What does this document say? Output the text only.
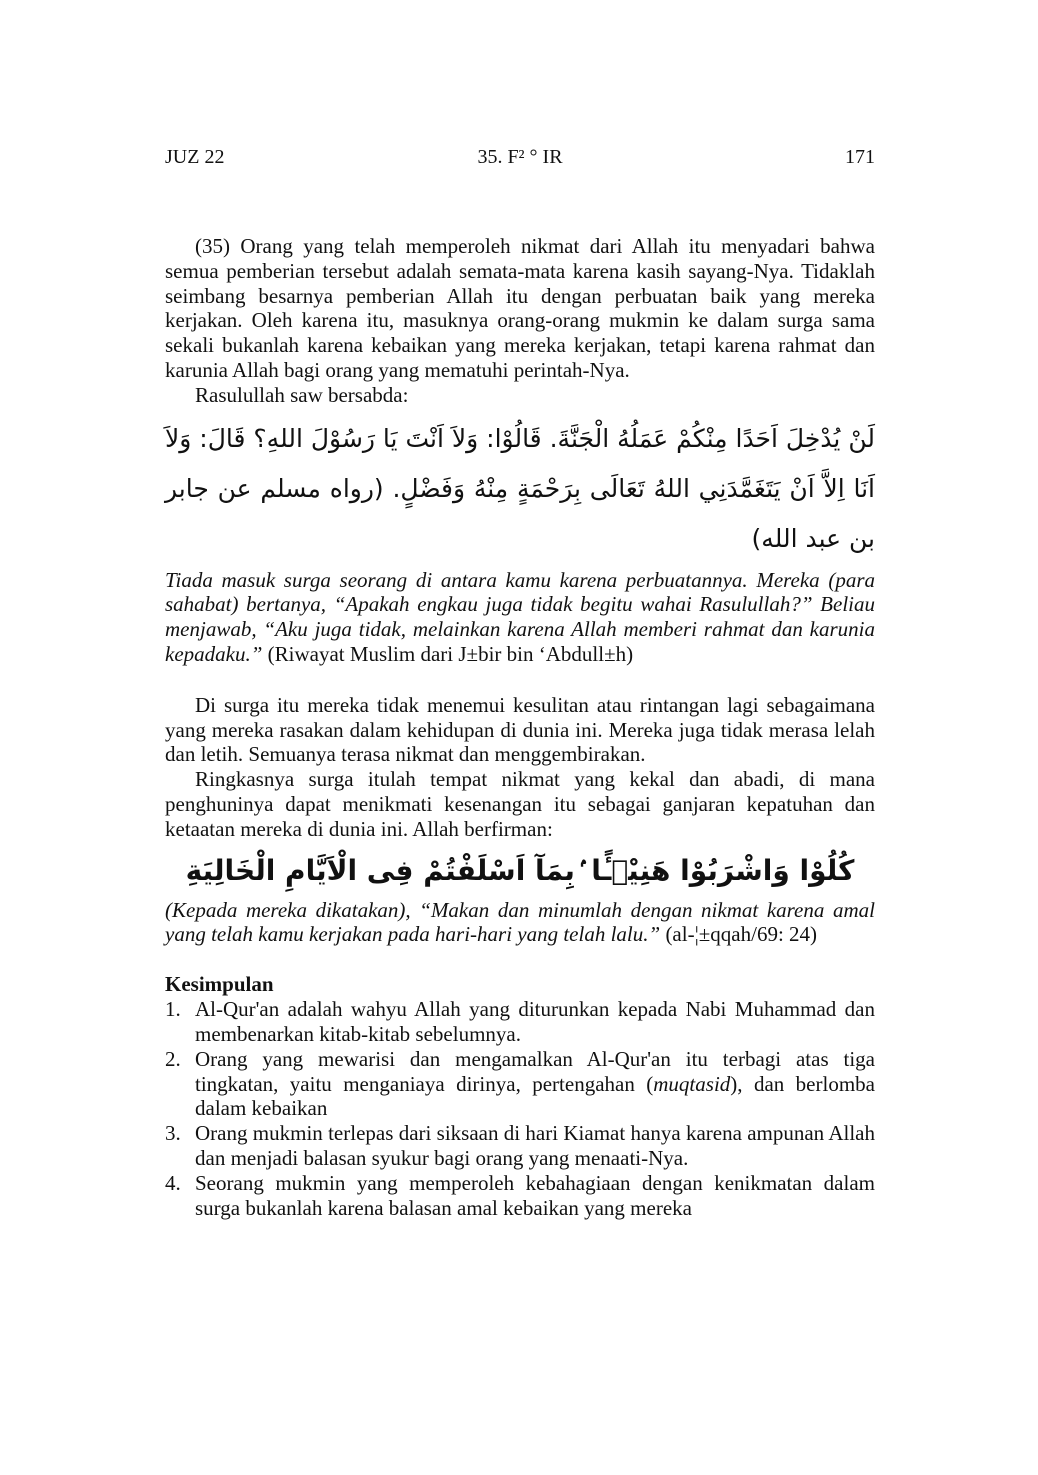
JUZ 22	35. F² ° IR	171

(35) Orang yang telah memperoleh nikmat dari Allah itu menyadari bahwa semua pemberian tersebut adalah semata-mata karena kasih sayang-Nya. Tidaklah seimbang besarnya pemberian Allah itu dengan perbuatan baik yang mereka kerjakan. Oleh karena itu, masuknya orang-orang mukmin ke dalam surga sama sekali bukanlah karena kebaikan yang mereka kerjakan, tetapi karena rahmat dan karunia Allah bagi orang yang mematuhi perintah-Nya.

Rasulullah saw bersabda:

لَنْ يُدْخِلَ اَحَدًا مِنْكُمْ عَمَلُهُ الْجَنَّةَ. قَالُوْا: وَلاَ اَنْتَ يَا رَسُوْلَ اللهِ؟ قَالَ: وَلاَ اَنَا اِلاَّ اَنْ يَتَغَمَّدَنِي اللهُ تَعَالَى بِرَحْمَةٍ مِنْهُ وَفَضْلٍ. (رواه مسلم عن جابر بن عبد الله)

Tiada masuk surga seorang di antara kamu karena perbuatannya. Mereka (para sahabat) bertanya, “Apakah engkau juga tidak begitu wahai Rasulullah?” Beliau menjawab, “Aku juga tidak, melainkan karena Allah memberi rahmat dan karunia kepadaku.” (Riwayat Muslim dari J±bir bin ‘Abdull±h)

Di surga itu mereka tidak menemui kesulitan atau rintangan lagi sebagaimana yang mereka rasakan dalam kehidupan di dunia ini. Mereka juga tidak merasa lelah dan letih. Semuanya terasa nikmat dan menggembirakan.

Ringkasnya surga itulah tempat nikmat yang kekal dan abadi, di mana penghuninya dapat menikmati kesenangan itu sebagai ganjaran kepatuhan dan ketaatan mereka di dunia ini. Allah berfirman:

كُلُوْا وَاشْرَبُوْا هَنِيْۤـًٔا ۢبِمَآ اَسْلَفْتُمْ فِى الْاَيَّامِ الْخَالِيَةِ

(Kepada mereka dikatakan), “Makan dan minumlah dengan nikmat karena amal yang telah kamu kerjakan pada hari-hari yang telah lalu.” (al-¦±qqah/69: 24)

Kesimpulan
1. Al-Qur'an adalah wahyu Allah yang diturunkan kepada Nabi Muhammad dan membenarkan kitab-kitab sebelumnya.
2. Orang yang mewarisi dan mengamalkan Al-Qur'an itu terbagi atas tiga tingkatan, yaitu menganiaya dirinya, pertengahan (muqtasid), dan berlomba dalam kebaikan
3. Orang mukmin terlepas dari siksaan di hari Kiamat hanya karena ampunan Allah dan menjadi balasan syukur bagi orang yang menaati-Nya.
4. Seorang mukmin yang memperoleh kebahagiaan dengan kenikmatan dalam surga bukanlah karena balasan amal kebaikan yang mereka
